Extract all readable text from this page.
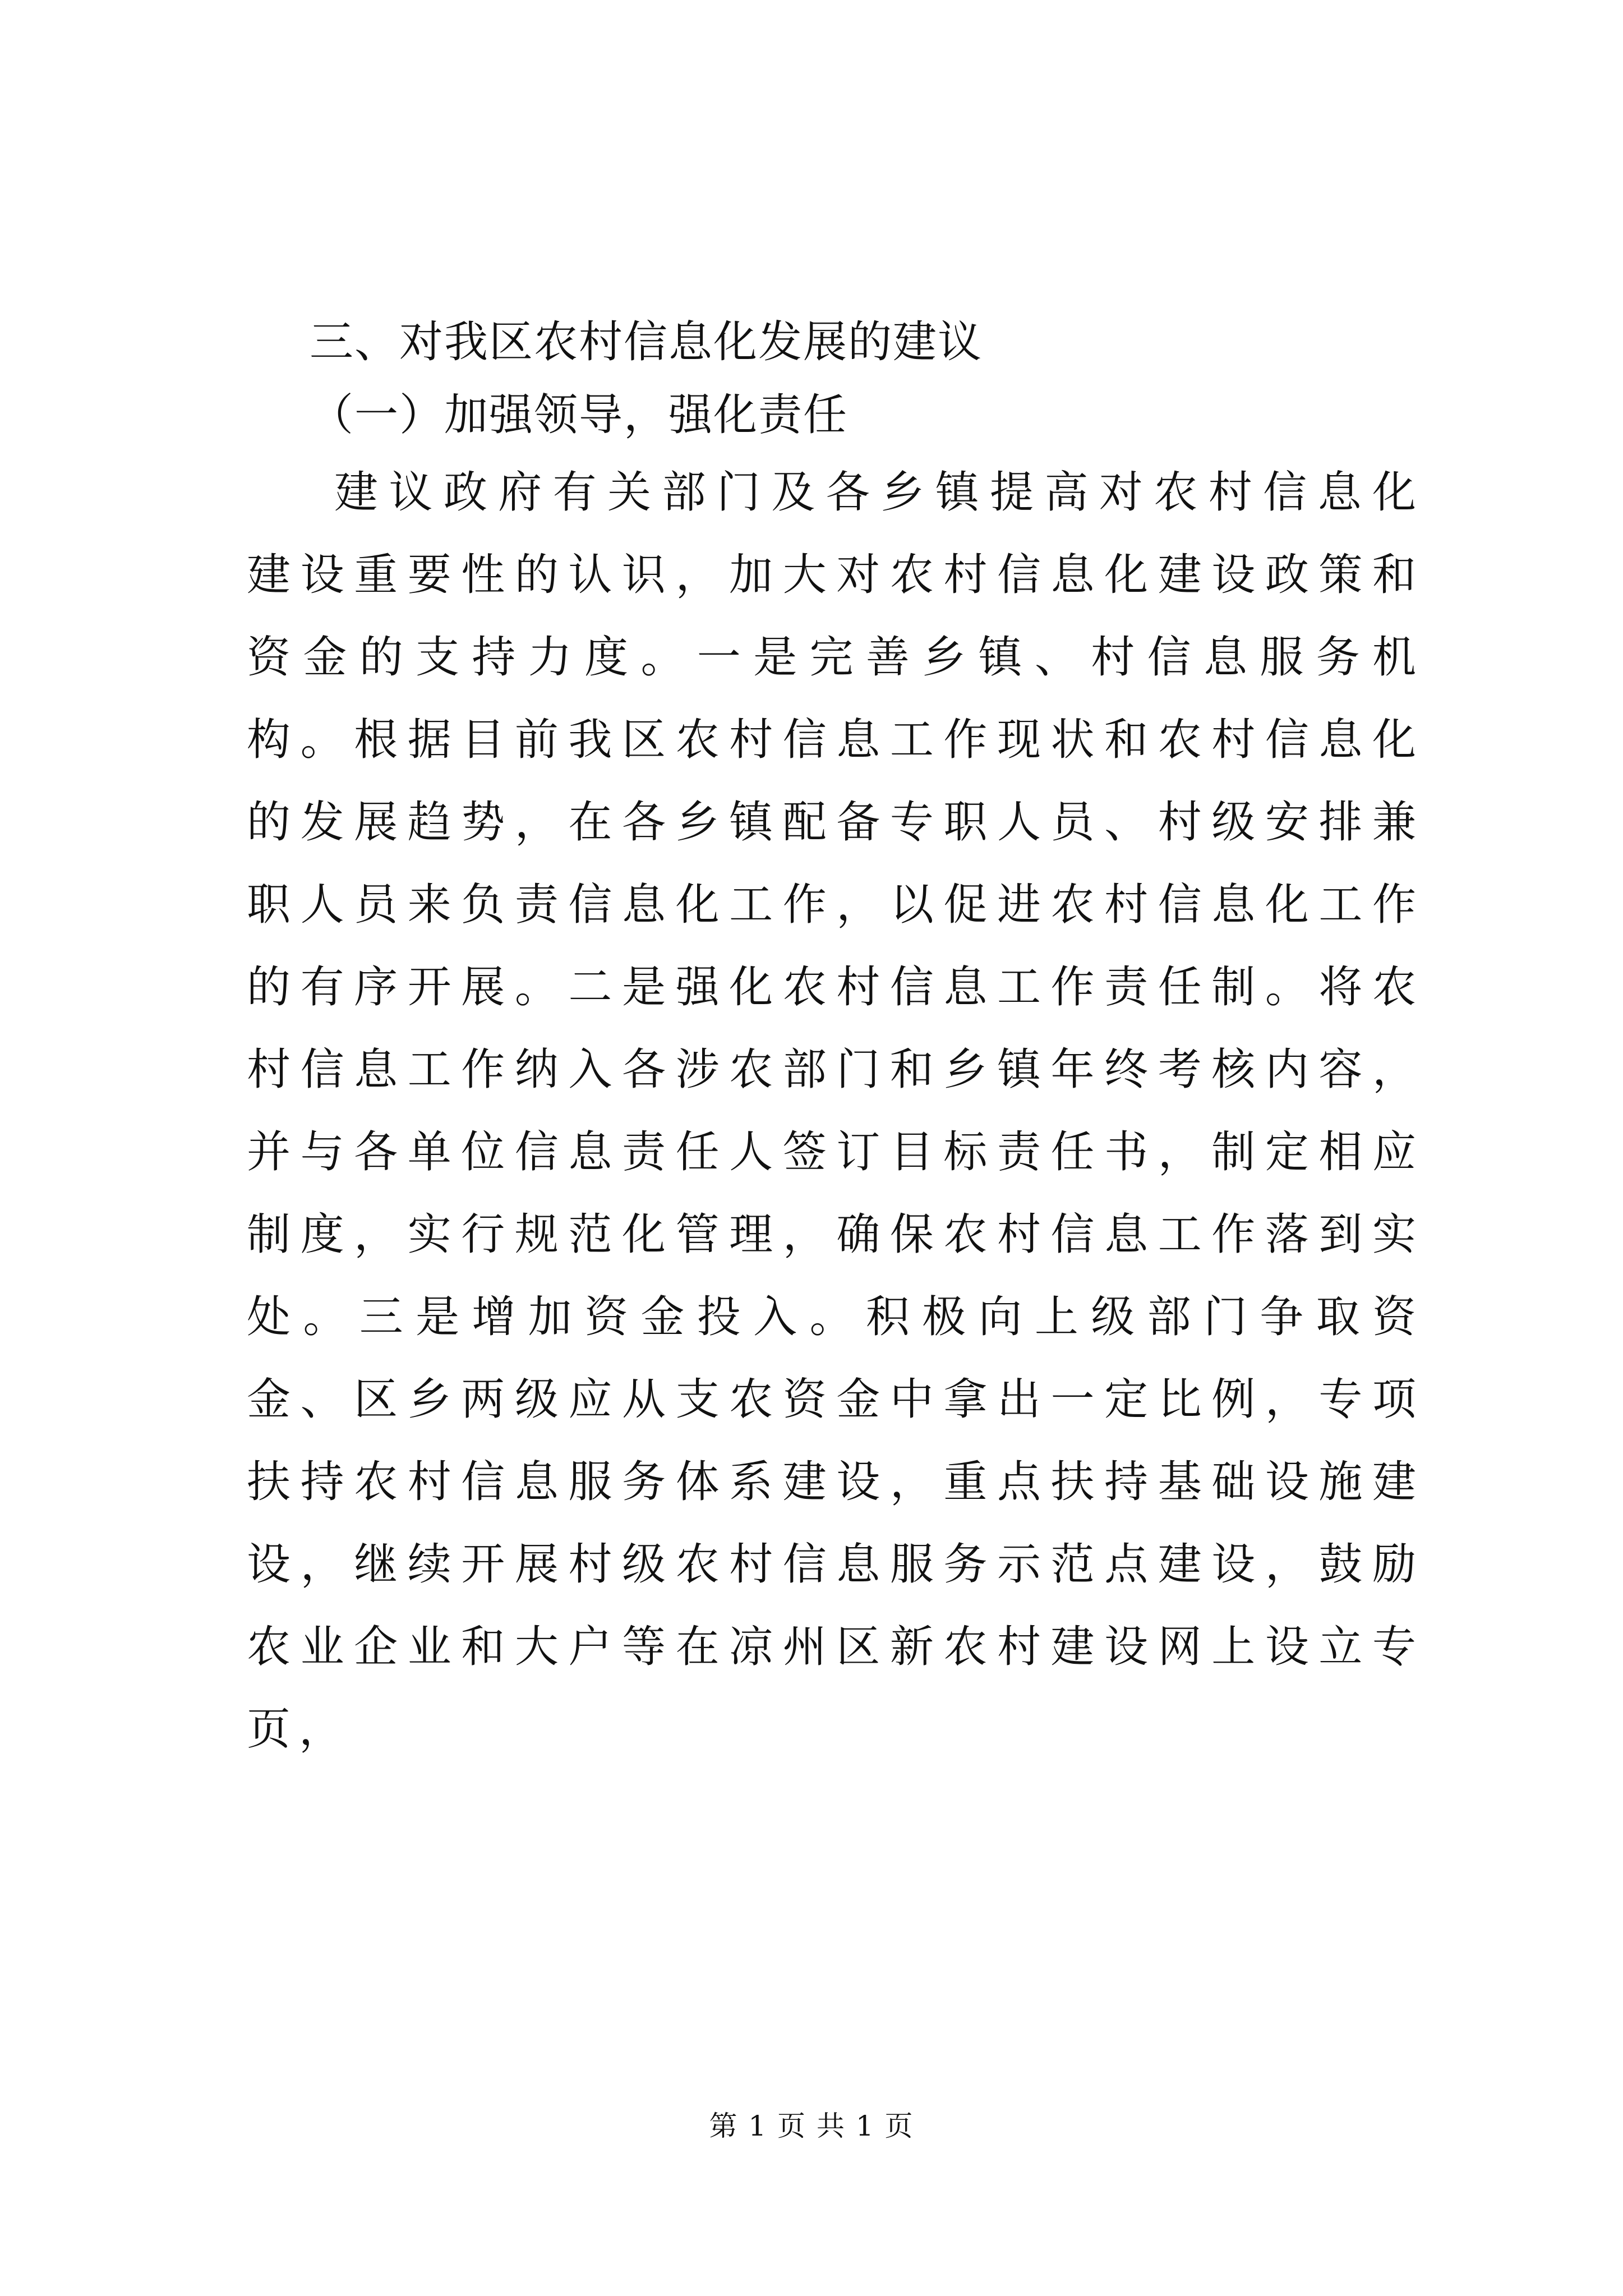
三、对我区农村信息化发展的建议
（一）加强领导，强化责任

建议政府有关部门及各乡镇提高对农村信息化建设重要性的认识，加大对农村信息化建设政策和资金的支持力度。一是完善乡镇、村信息服务机构。根据目前我区农村信息工作现状和农村信息化的发展趋势，在各乡镇配备专职人员、村级安排兼职人员来负责信息化工作，以促进农村信息化工作的有序开展。二是强化农村信息工作责任制。将农村信息工作纳入各涉农部门和乡镇年终考核内容，并与各单位信息责任人签订目标责任书，制定相应制度，实行规范化管理，确保农村信息工作落到实处。三是增加资金投入。积极向上级部门争取资金、区乡两级应从支农资金中拿出一定比例，专项扶持农村信息服务体系建设，重点扶持基础设施建设，继续开展村级农村信息服务示范点建设，鼓励农业企业和大户等在凉州区新农村建设网上设立专页，

第 1 页 共 1 页
